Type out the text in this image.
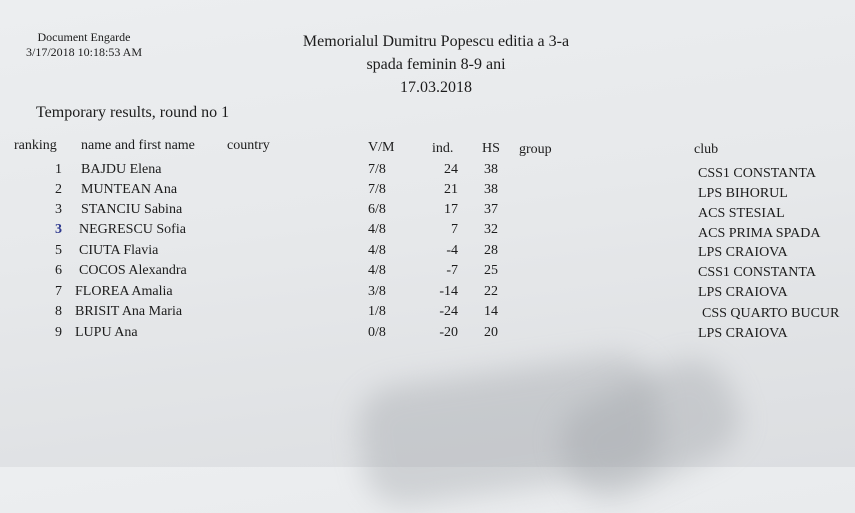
Document Engarde
3/17/2018 10:18:53 AM
Memorialul Dumitru Popescu editia a 3-a
spada feminin 8-9 ani
17.03.2018
Temporary results, round no 1
ranking name and first name country	V/M	ind. HS group	club
1 BAJDU Elena	7/8	24 38	CSS1 CONSTANTA
2 MUNTEAN Ana	7/8	21 38	LPS BIHORUL
3 STANCIU Sabina	6/8	17 37	ACS STESIAL
3 NEGRESCU Sofia	4/8	7 32	ACS PRIMA SPADA
5 CIUTA Flavia	4/8	-4 28	LPS CRAIOVA
6 COCOS Alexandra	4/8	-7 25	CSS1 CONSTANTA
7 FLOREA Amalia	3/8	-14 22	LPS CRAIOVA
8 BRISIT Ana Maria	1/8	-24 14	CSS QUARTO BUCUR
9 LUPU Ana	0/8	-20 20	LPS CRAIOVA
